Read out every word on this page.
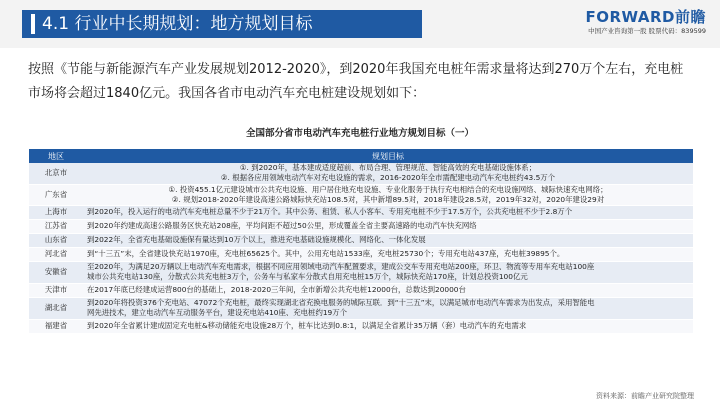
4.1 行业中长期规划：地方规划目标	FORWARD前瞻
中国产业咨询第一股 股票代码：839599
按照《节能与新能源汽车产业发展规划2012-2020》，到2020年我国充电桩年需求量将达到270万个左右，充电桩市场将会超过1840亿元。我国各省市电动汽车充电桩建设规划如下：
全国部分省市电动汽车充电桩行业地方规划目标（一）
地区	规划目标
北京市	①. 到2020年，基本建成适度超前、布局合理、管理规范、智能高效的充电基础设施体系；
②. 根据各应用领域电动汽车对充电设施的需求，2016-2020年全市需配建电动汽车充电桩约43.5万个

广东省	①. 投资455.1亿元建设城市公共充电设施、用户居住地充电设施、专业化服务于执行充电相结合的充电设施网络、城际快速充电网络；
②. 规划2018-2020年建设高速公路城际快充站108.5对，其中新增89.5对，2018年建设28.5对，2019年32对，2020年建设29对

上海市	到2020年，投入运行的电动汽车充电桩总量不少于21万个。其中公务、租赁、私人小客车、专用充电桩不少于17.5万个，公共充电桩不少于2.8万个

江苏省	到2020年约建成高速公路服务区快充站208座，平均间距不超过50公里，形成覆盖全省主要高速路的电动汽车快充网络

山东省	到2022年，全省充电基础设施保有量达到10万个以上，推进充电基础设施规模化、网络化、一体化发展

河北省	到“十三五”末，全省建设快充站1970座，充电桩65625个。其中，公用充电站1533座，充电桩25730个；专用充电站437座，充电桩39895个。

安徽省	至2020年，为满足20万辆以上电动汽车充电需求，根据不同应用领域电动汽车配置要求，建成公交车专用充电站200座，环卫、物流等专用车充电站100座
城市公共充电站130座，分散式公共充电桩3万个，公务车与私家车分散式自用充电桩15万个，城际快充站170座，计划总投资100亿元

天津市	在2017年底已经建成运营800台的基础上，2018-2020三年间，全市新增公共充电桩12000台，总数达到20000台

湖北省	到2020年将投资376个充电站、47072个充电桩，最终实现湖北省充换电服务的城际互联．到“十三五”末，以满足城市电动汽车需求为出发点，采用智能电
网先进技术，建立电动汽车互动服务平台，建设充电站410座、充电桩约19万个

福建省	到2020年全省累计建成固定充电桩&移动储能充电设施28万个，桩车比达到0.8:1，以满足全省累计35万辆（套）电动汽车的充电需求
资料来源：前瞻产业研究院整理
